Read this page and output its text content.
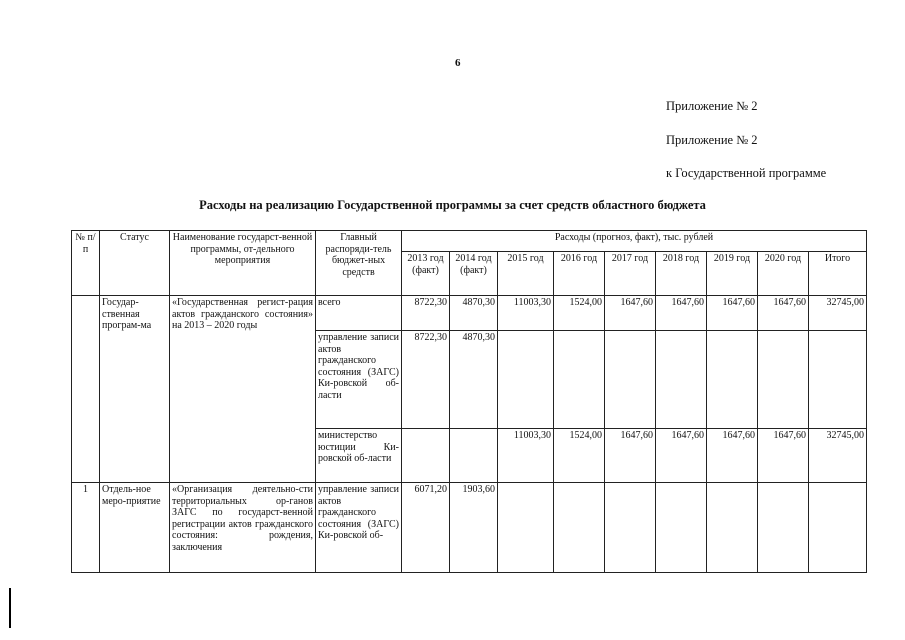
6
Приложение № 2
Приложение № 2
к Государственной программе
Расходы на реализацию Государственной программы за счет средств областного бюджета
№ п/п	Статус	Наименование государст-венной программы, от-дельного мероприятия	Главный распоряди-тель бюджет-ных средств	Расходы (прогноз, факт), тыс. рублей								
				2013 год (факт)	2014 год (факт)	2015 год	2016 год	2017 год	2018 год	2019 год	2020 год	Итого
	Государ-ственная програм-ма	«Государственная регист-рация актов гражданского состояния» на 2013 – 2020 годы	всего	8722,30	4870,30	11003,30	1524,00	1647,60	1647,60	1647,60	1647,60	32745,00
			управление записи актов гражданского состояния (ЗАГС) Ки-ровской об-ласти	8722,30	4870,30							
			министерство юстиции Ки-ровской об-ласти			11003,30	1524,00	1647,60	1647,60	1647,60	1647,60	32745,00
1	Отдель-ное меро-приятие	«Организация деятельно-сти территориальных ор-ганов ЗАГС по государст-венной регистрации актов гражданского состояния: рождения, заключения	управление записи актов гражданского состояния (ЗАГС) Ки-ровской об-	6071,20	1903,60							
